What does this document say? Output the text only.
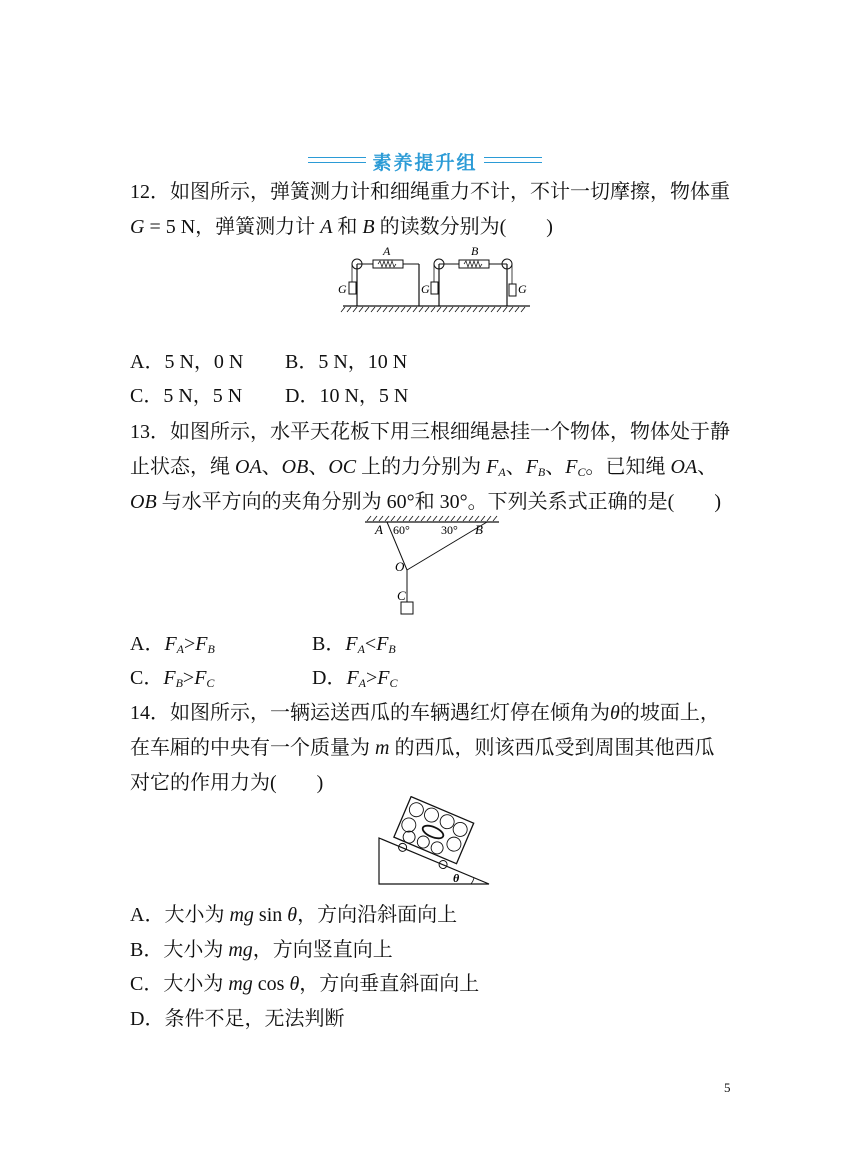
素养提升组
12．如图所示，弹簧测力计和细绳重力不计，不计一切摩擦，物体重
G = 5 N，弹簧测力计 A 和 B 的读数分别为(　　)
G
A
G	G
B
A．5 N，0 N B．5 N，10 N
C．5 N，5 N D．10 N，5 N
13．如图所示，水平天花板下用三根细绳悬挂一个物体，物体处于静
止状态，绳 OA、OB、OC 上的力分别为 $F_A$、$F_B$、$F_C$。已知绳 OA、
OB 与水平方向的夹角分别为 60°和 30°。下列关系式正确的是(　　)
A 60°	30° B
O
C
A．$F_A>F_B$	B．$F_A<F_B$
C．$F_B>F_C$	D．$F_A>F_C$
14．如图所示，一辆运送西瓜的车辆遇红灯停在倾角为θ的坡面上，
在车厢的中央有一个质量为 m 的西瓜，则该西瓜受到周围其他西瓜
对它的作用力为(　　)
θ
A．大小为 mg sin θ，方向沿斜面向上
B．大小为 mg，方向竖直向上
C．大小为 mg cos θ，方向垂直斜面向上
D．条件不足，无法判断
5
